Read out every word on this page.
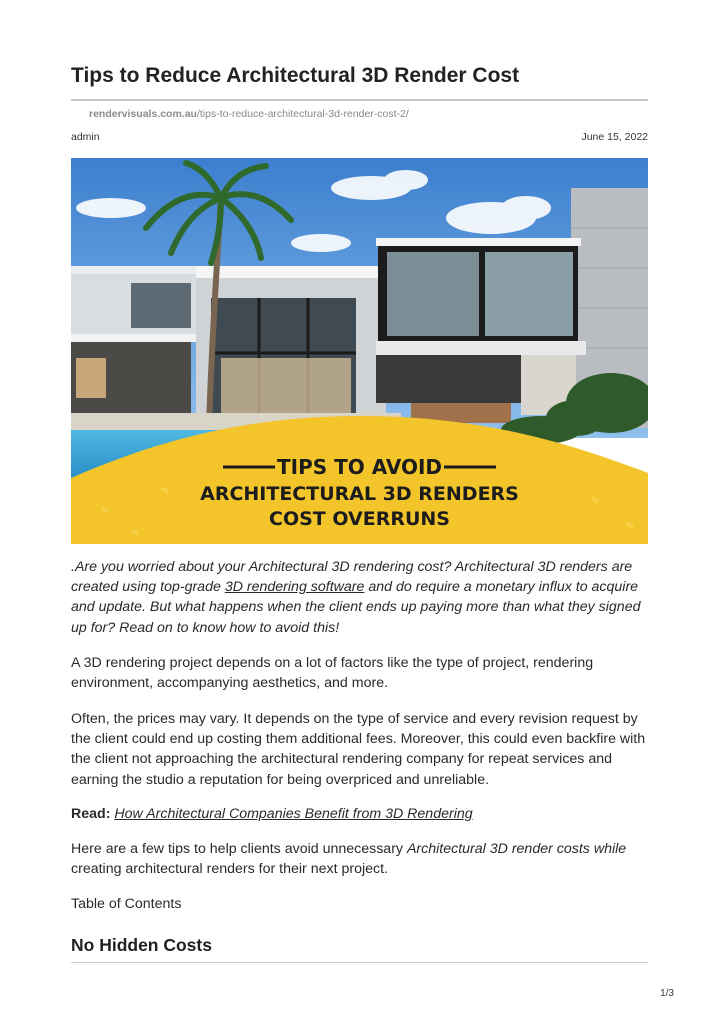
Tips to Reduce Architectural 3D Render Cost
rendervisuals.com.au/tips-to-reduce-architectural-3d-render-cost-2/
admin	June 15, 2022
TIPS TO AVOID
ARCHITECTURAL 3D RENDERS
COST OVERRUNS

.Are you worried about your Architectural 3D rendering cost? Architectural 3D renders are created using top-grade 3D rendering software and do require a monetary influx to acquire and update. But what happens when the client ends up paying more than what they signed up for? Read on to know how to avoid this!

A 3D rendering project depends on a lot of factors like the type of project, rendering environment, accompanying aesthetics, and more.

Often, the prices may vary. It depends on the type of service and every revision request by the client could end up costing them additional fees. Moreover, this could even backfire with the client not approaching the architectural rendering company for repeat services and earning the studio a reputation for being overpriced and unreliable.

Read: How Architectural Companies Benefit from 3D Rendering

Here are a few tips to help clients avoid unnecessary Architectural 3D render costs while creating architectural renders for their next project.

Table of Contents

No Hidden Costs
1/3
